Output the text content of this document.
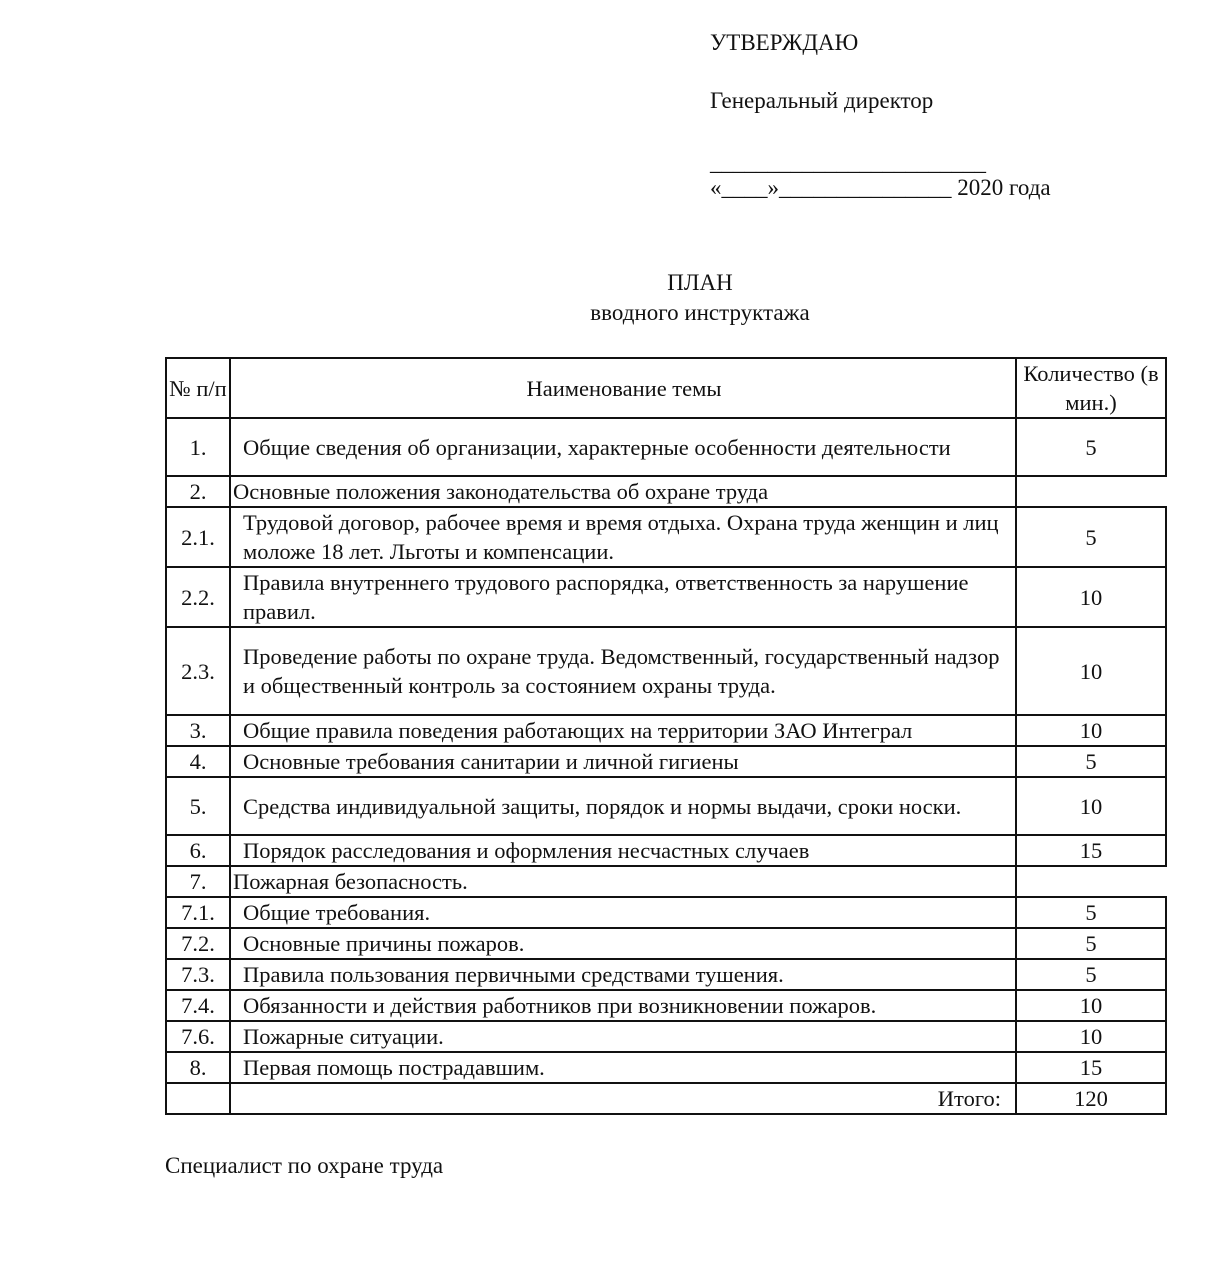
УТВЕРЖДАЮ
Генеральный директор
________________________
«____»_______________ 2020 года
ПЛАН
вводного инструктажа
№ п/п	Наименование темы	Количество (в мин.)
1.	Общие сведения об организации, характерные особенности деятельности	5
2.	Основные положения законодательства об охране труда	
2.1.	Трудовой договор, рабочее время и время отдыха. Охрана труда женщин и лиц моложе 18 лет. Льготы и компенсации.	5
2.2.	Правила внутреннего трудового распорядка, ответственность за нарушение правил.	10
2.3.	Проведение работы по охране труда. Ведомственный, государственный надзор и общественный контроль за состоянием охраны труда.	10
3.	Общие правила поведения работающих на территории ЗАО Интеграл	10
4.	Основные требования санитарии и личной гигиены	5
5.	Средства индивидуальной защиты, порядок и нормы выдачи, сроки носки.	10
6.	Порядок расследования и оформления несчастных случаев	15
7.	Пожарная безопасность.	
7.1.	Общие требования.	5
7.2.	Основные причины пожаров.	5
7.3.	Правила пользования первичными средствами тушения.	5
7.4.	Обязанности и действия работников при возникновении пожаров.	10
7.6.	Пожарные ситуации.	10
8.	Первая помощь пострадавшим.	15
	Итого:	120
Специалист по охране труда
